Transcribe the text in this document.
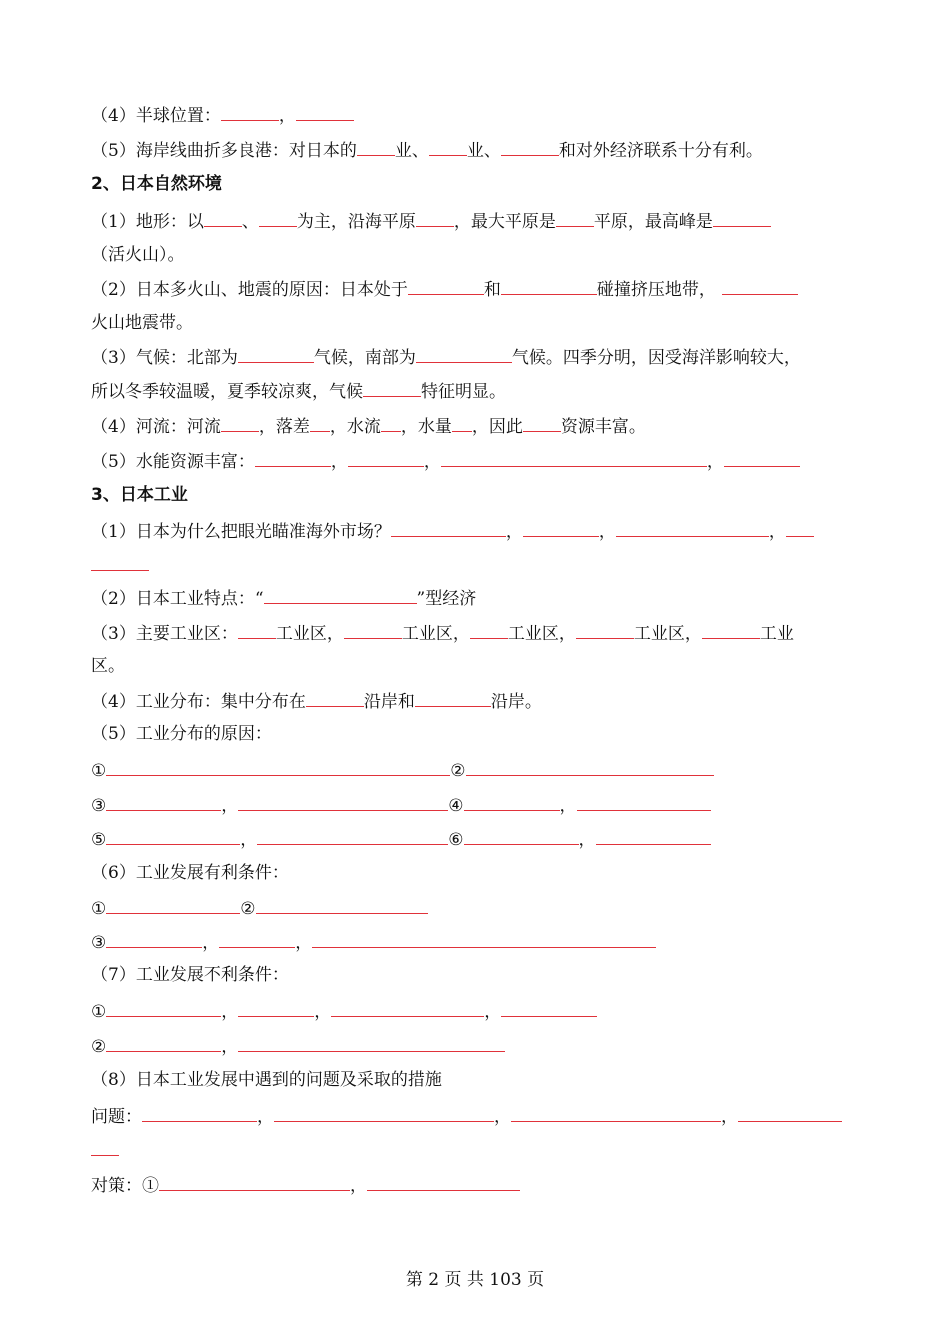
（4）半球位置：	，
（5）海岸线曲折多良港：对日本的 业、 业、	和对外经济联系十分有利。
2、日本自然环境
（1）地形：以 、 为主，沿海平原 ，最大平原是 平原，最高峰是
（活火山）。
（2）日本多火山、地震的原因：日本处于	和	碰撞挤压地带，
火山地震带。
（3）气候：北部为	气候，南部为	气候。四季分明，因受海洋影响较大，
所以冬季较温暖，夏季较凉爽，气候	特征明显。
（4）河流：河流 ，落差 ，水流 ，水量 ，因此 资源丰富。
（5）水能资源丰富：	，	，	，
3、日本工业
（1）日本为什么把眼光瞄准海外市场？	，	，	，
（2）日本工业特点：“	”型经济
（3）主要工业区： 工业区，	工业区， 工业区，	工业区，	工业
区。
（4）工业分布：集中分布在	沿岸和	沿岸。
（5）工业分布的原因：
①	②
③	，	④	，
⑤	，	⑥	，
（6）工业发展有利条件：
①	②
③	，	，
（7）工业发展不利条件：
①	，	，	，
②	，
（8）日本工业发展中遇到的问题及采取的措施
问题：	，	，	，
对策：①	，
第 2 页 共 103 页
